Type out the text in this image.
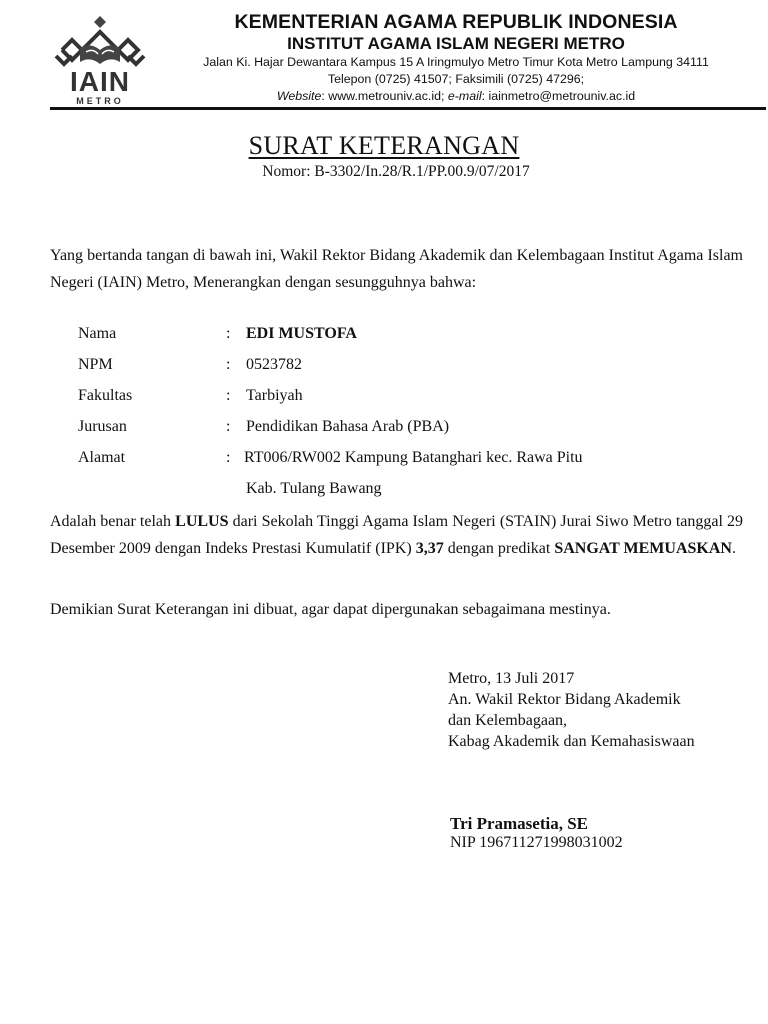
IAIN
METRO
KEMENTERIAN AGAMA REPUBLIK INDONESIA
INSTITUT AGAMA ISLAM NEGERI METRO
Jalan Ki. Hajar Dewantara Kampus 15 A Iringmulyo Metro Timur Kota Metro Lampung 34111
Telepon (0725) 41507; Faksimili (0725) 47296;
Website: www.metrouniv.ac.id; e-mail: iainmetro@metrouniv.ac.id
SURAT KETERANGAN
Nomor: B-3302/In.28/R.1/PP.00.9/07/2017
Yang bertanda tangan di bawah ini, Wakil Rektor Bidang Akademik dan Kelembagaan Institut Agama Islam Negeri (IAIN) Metro, Menerangkan dengan sesungguhnya bahwa:
Nama	: EDI MUSTOFA
NPM	: 0523782
Fakultas	: Tarbiyah
Jurusan	: Pendidikan Bahasa Arab (PBA)
Alamat	: RT006/RW002 Kampung Batanghari kec. Rawa Pitu
Kab. Tulang Bawang
Adalah benar telah LULUS dari Sekolah Tinggi Agama Islam Negeri (STAIN) Jurai Siwo Metro tanggal 29 Desember 2009 dengan Indeks Prestasi Kumulatif (IPK) 3,37 dengan predikat SANGAT MEMUASKAN.
Demikian Surat Keterangan ini dibuat, agar dapat dipergunakan sebagaimana mestinya.
Metro, 13 Juli 2017
An. Wakil Rektor Bidang Akademik
dan Kelembagaan,
Kabag Akademik dan Kemahasiswaan
Tri Pramasetia, SE
NIP 196711271998031002
